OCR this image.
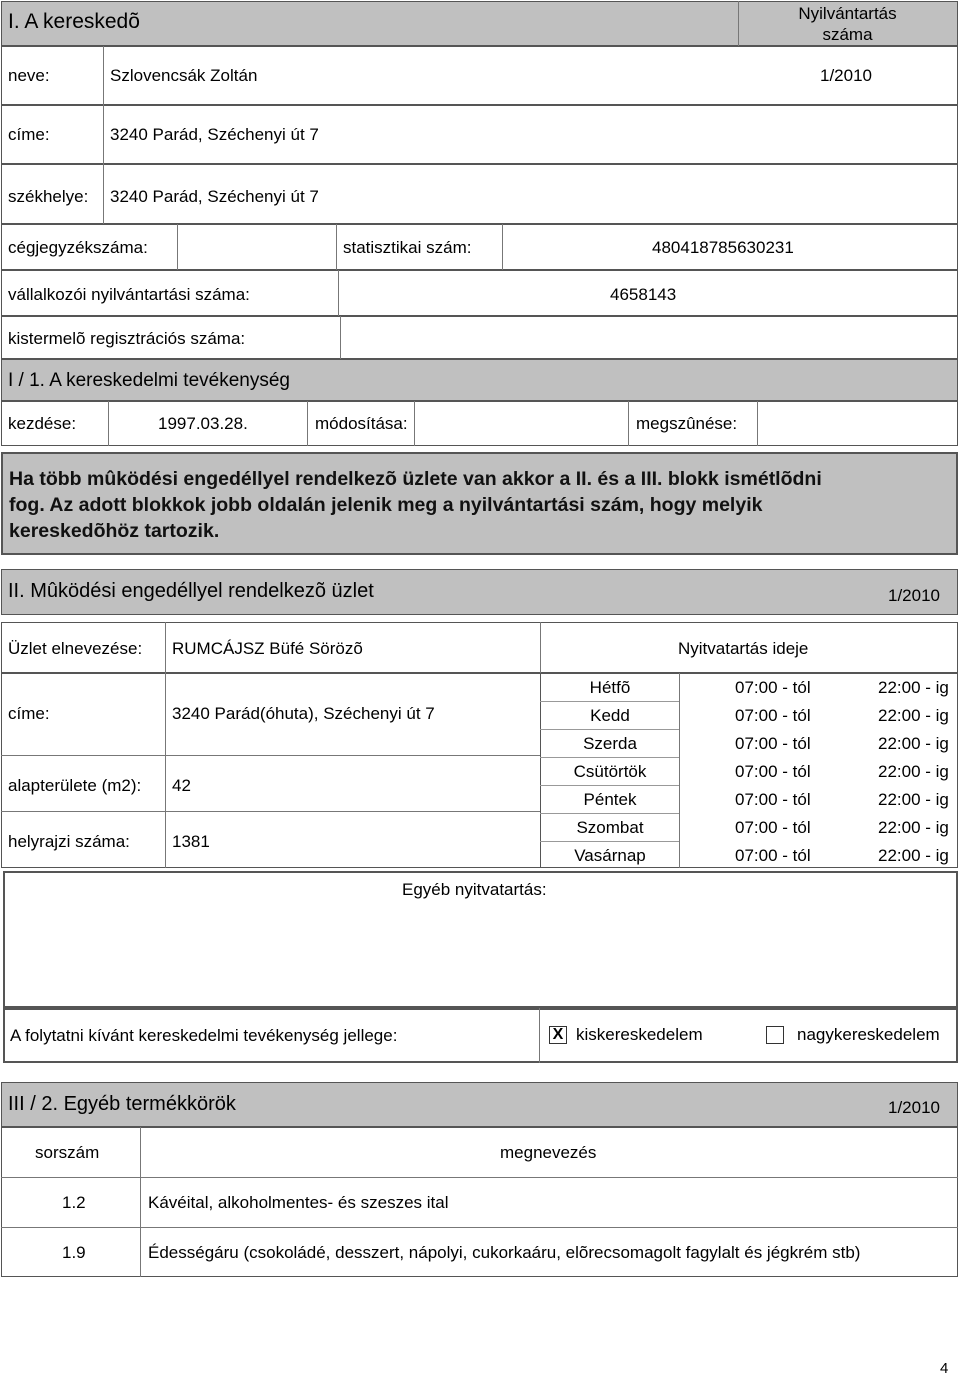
I. A kereskedõ	Nyilvántartás
száma
neve:	Szlovencsák Zoltán	1/2010
címe:	3240 Parád, Széchenyi út 7
székhelye: 3240 Parád, Széchenyi út 7
cégjegyzékszáma:	statisztikai szám:	480418785630231
vállalkozói nyilvántartási száma:	4658143
kistermelõ regisztrációs száma:
I / 1. A kereskedelmi tevékenység
kezdése:	1997.03.28.	módosítása:	megszûnése:
Ha több mûködési engedéllyel rendelkezõ üzlete van akkor a II. és a III. blokk ismétlõdni
fog. Az adott blokkok jobb oldalán jelenik meg a nyilvántartási szám, hogy melyik
kereskedõhöz tartozik.
II. Mûködési engedéllyel rendelkezõ üzlet	1/2010
Üzlet elnevezése: RUMCÁJSZ Büfé Sörözõ	Nyitvatartás ideje
címe:	3240 Parád(óhuta), Széchenyi út 7
alapterülete (m2): 42
helyrajzi száma: 1381
Hétfõ	07:00 - tól	22:00 - ig
Kedd	07:00 - tól	22:00 - ig
Szerda	07:00 - tól	22:00 - ig
Csütörtök	07:00 - tól	22:00 - ig
Péntek	07:00 - tól	22:00 - ig
Szombat	07:00 - tól	22:00 - ig
Vasárnap	07:00 - tól	22:00 - ig
Egyéb nyitvatartás:
A folytatni kívánt kereskedelmi tevékenység jellege:	X kiskereskedelem	nagykereskedelem
III / 2. Egyéb termékkörök	1/2010
sorszám	megnevezés
1.2	Kávéital, alkoholmentes- és szeszes ital
1.9	Édességáru (csokoládé, desszert, nápolyi, cukorkaáru, elõrecsomagolt fagylalt és jégkrém stb)
4
